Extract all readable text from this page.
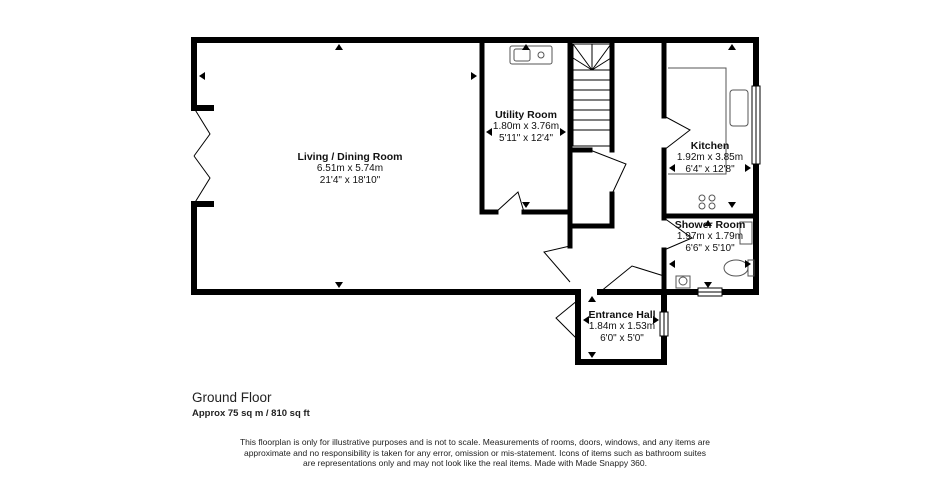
Living / Dining Room
6.51m x 5.74m
21'4" x 18'10"
Utility Room
1.80m x 3.76m
5'11" x 12'4"
Kitchen
1.92m x 3.85m
6'4" x 12'8"
Shower Room
1.97m x 1.79m
6'6" x 5'10"
Entrance Hall
1.84m x 1.53m
6'0" x 5'0"
Ground Floor
Approx 75 sq m / 810 sq ft
This floorplan is only for illustrative purposes and is not to scale. Measurements of rooms, doors, windows, and any items are
approximate and no responsibility is taken for any error, omission or mis-statement. Icons of items such as bathroom suites
are representations only and may not look like the real items. Made with Made Snappy 360.
